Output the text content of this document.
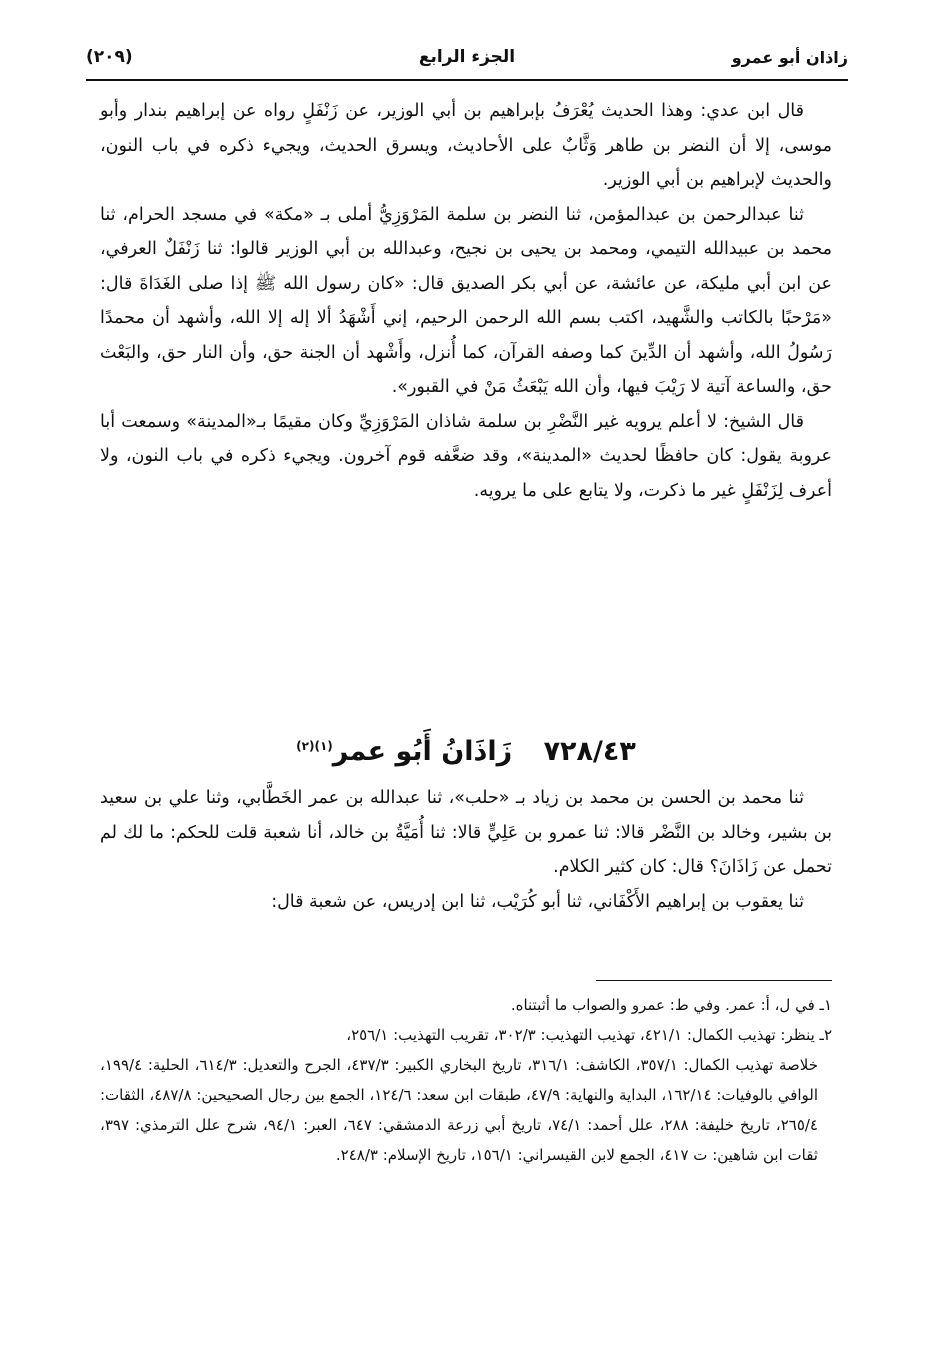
زاذان أبو عمرو
الجزء الرابع
(٢٠٩)

قال ابن عدي: وهذا الحديث يُعْرَفُ بإبراهيم بن أبي الوزير، عن زَنْفَلٍ رواه عن إبراهيم بندار وأبو موسى، إلا أن النضر بن طاهر وَثَّابٌ على الأحاديث، ويسرق الحديث، ويجيء ذكره في باب النون، والحديث لإبراهيم بن أبي الوزير.

ثنا عبدالرحمن بن عبدالمؤمن، ثنا النضر بن سلمة المَرْوَزِيُّ أملى بـ «مكة» في مسجد الحرام، ثنا محمد بن عبيدالله التيمي، ومحمد بن يحيى بن نجيح، وعبدالله بن أبي الوزير قالوا: ثنا زَنْفَلٌ العرفي، عن ابن أبي مليكة، عن عائشة، عن أبي بكر الصديق قال: «كان رسول الله ﷺ إذا صلى الغَدَاةَ قال: «مَرْحبًا بالكاتب والشَّهيد، اكتب بسم الله الرحمن الرحيم، إني أَشْهَدُ ألا إله إلا الله، وأشهد أن محمدًا رَسُولُ الله، وأشهد أن الدِّينَ كما وصفه القرآن، كما أُنزل، وأَشْهد أن الجنة حق، وأن النار حق، والبَعْث حق، والساعة آتية لا رَيْبَ فيها، وأن الله يَبْعَثُ مَنْ في القبور».

قال الشيخ: لا أعلم يرويه غير النَّضْرِ بن سلمة شاذان المَرْوَزِيِّ وكان مقيمًا بـ«المدينة» وسمعت أبا عروبة يقول: كان حافظًا لحديث «المدينة»، وقد ضعَّفه قوم آخرون. ويجيء ذكره في باب النون، ولا أعرف لِزَنْفَلٍ غير ما ذكرت، ولا يتابع على ما يرويه.

٧٢٨/٤٣ زَاذَانُ أَبُو عمر$^{(١)(٢)}$

ثنا محمد بن الحسن بن محمد بن زياد بـ «حلب»، ثنا عبدالله بن عمر الخَطَّابي، وثنا علي بن سعيد بن بشير، وخالد بن النَّضْر قالا: ثنا عمرو بن عَلِيٍّ قالا: ثنا أُمَيَّةُ بن خالد، أنا شعبة قلت للحكم: ما لك لم تحمل عن زَاذَانَ؟ قال: كان كثير الكلام.

ثنا يعقوب بن إبراهيم الأَكْفَاني، ثنا أبو كُرَيْب، ثنا ابن إدريس، عن شعبة قال:

١ـ في ل، أ: عمر. وفي ط: عمرو والصواب ما أثبتناه.

٢ـ ينظر: تهذيب الكمال: ٤٢١/١، تهذيب التهذيب: ٣٠٢/٣، تقريب التهذيب: ٢٥٦/١،

خلاصة تهذيب الكمال: ٣٥٧/١، الكاشف: ٣١٦/١، تاريخ البخاري الكبير: ٤٣٧/٣، الجرح والتعديل: ٦١٤/٣، الحلية: ١٩٩/٤، الوافي بالوفيات: ١٦٢/١٤، البداية والنهاية: ٤٧/٩، طبقات ابن سعد: ١٢٤/٦، الجمع بين رجال الصحيحين: ٤٨٧/٨، الثقات: ٢٦٥/٤، تاريخ خليفة: ٢٨٨، علل أحمد: ٧٤/١، تاريخ أبي زرعة الدمشقي: ٦٤٧، العبر: ٩٤/١، شرح علل الترمذي: ٣٩٧، ثقات ابن شاهين: ت ٤١٧، الجمع لابن القيسراني: ١٥٦/١، تاريخ الإسلام: ٢٤٨/٣.
